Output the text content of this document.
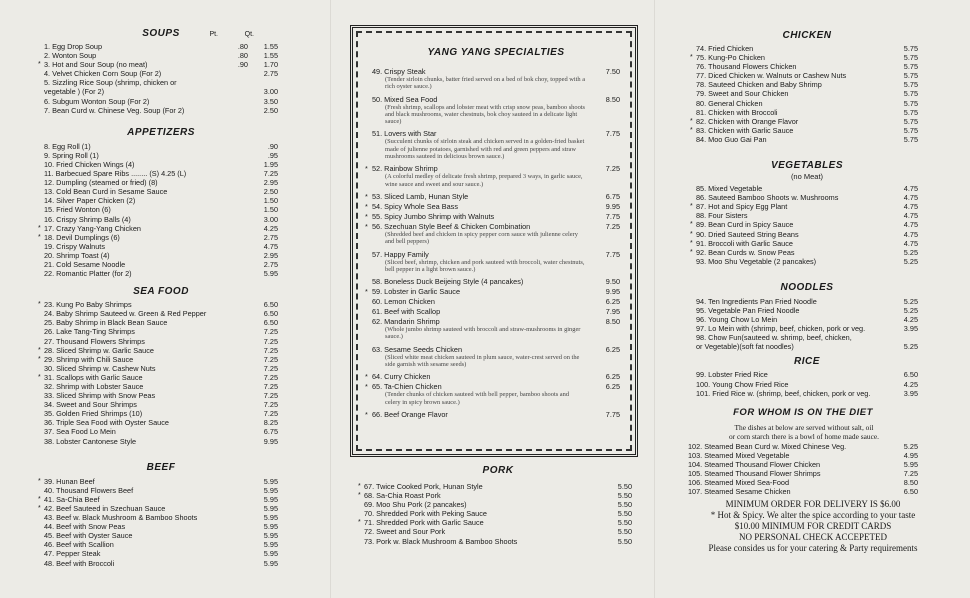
SOUPS	Pt.	Qt.
1. Egg Drop Soup	.80	1.55
2. Wonton Soup	.80	1.55
* 3. Hot and Sour Soup (no meat)	.90	1.70
4. Velvet Chicken Corn Soup (For 2)	2.75
5. Sizzling Rice Soup (shrimp, chicken or
vegetable ) (For 2)	3.00
6. Subgum Wonton Soup (For 2)	3.50
7. Bean Curd w. Chinese Veg. Soup (For 2)	2.50
APPETIZERS
8. Egg Roll (1)	.90
9. Spring Roll (1)	.95
10. Fried Chicken Wings (4)	1.95
11. Barbecued Spare Ribs ........ (S) 4.25 (L)	7.25
12. Dumpling (steamed or fried) (8)	2.95
13. Cold Bean Curd in Sesame Sauce	2.50
14. Silver Paper Chicken (2)	1.50
15. Fried Wonton (6)	1.50
16. Crispy Shrimp Balls (4)	3.00
* 17. Crazy Yang-Yang Chicken	4.25
* 18. Devil Dumplings (6)	2.75
19. Crispy Walnuts	4.75
20. Shrimp Toast (4)	2.95
21. Cold Sesame Noodle	2.75
22. Romantic Platter (for 2)	5.95
SEA FOOD
* 23. Kung Po Baby Shrimps	6.50
24. Baby Shrimp Sauteed w. Green & Red Pepper	6.50
25. Baby Shrimp in Black Bean Sauce	6.50
26. Lake Tang-Ting Shrimps	7.25
27. Thousand Flowers Shrimps	7.25
* 28. Sliced Shrimp w. Garlic Sauce	7.25
* 29. Shrimp with Chili Sauce	7.25
30. Sliced Shrimp w. Cashew Nuts	7.25
* 31. Scallops with Garlic Sauce	7.25
32. Shrimp with Lobster Sauce	7.25
33. Sliced Shrimp with Snow Peas	7.25
34. Sweet and Sour Shrimps	7.25
35. Golden Fried Shrimps (10)	7.25
36. Triple Sea Food with Oyster Sauce	8.25
37. Sea Food Lo Mein	6.75
38. Lobster Cantonese Style	9.95
BEEF
* 39. Hunan Beef	5.95
40. Thousand Flowers Beef	5.95
* 41. Sa-Chia Beef	5.95
* 42. Beef Sauteed in Szechuan Sauce	5.95
43. Beef w. Black Mushroom & Bamboo Shoots	5.95
44. Beef with Snow Peas	5.95
45. Beef with Oyster Sauce	5.95
46. Beef with Scallion	5.95
47. Pepper Steak	5.95
48. Beef with Broccoli	5.95
YANG YANG SPECIALTIES
49. Crispy Steak	7.50
(Tender sirloin chunks, batter fried served on a bed of bok choy, topped with a rich oyster sauce.)
50. Mixed Sea Food	8.50
(Fresh shrimp, scallops and lobster meat with crisp snow peas, bamboo shoots and black mushrooms, water chestnuts, bok choy sauteed in a delicate light sauce)
51. Lovers with Star	7.75
(Succulent chunks of sirloin steak and chicken served in a golden-fried basket made of julienne potatoes, garnished with red and green peppers and straw mushrooms sauteed in delicious brown sauce.)
* 52. Rainbow Shrimp	7.25
(A colorful medley of delicate fresh shrimp, prepared 3 ways, in garlic sauce, wine sauce and sweet and sour sauce.)
* 53. Sliced Lamb, Hunan Style	6.75
* 54. Spicy Whole Sea Bass	9.95
* 55. Spicy Jumbo Shrimp with Walnuts	7.75
* 56. Szechuan Style Beef & Chicken Combination	7.25
(Shredded beef and chicken in spicy pepper corn sauce with julienne celery and bell peppers)
57. Happy Family	7.75
(Sliced beef, shrimp, chicken and pork sauteed with broccoli, water chestnuts, bell pepper in a light brown sauce.)
58. Boneless Duck Beijeing Style (4 pancakes)	9.50
* 59. Lobster in Garlic Sauce	9.95
60. Lemon Chicken	6.25
61. Beef with Scallop	7.95
62. Mandarin Shrimp	8.50
(Whole jumbo shrimp sauteed with broccoli and straw-mushrooms in ginger sauce.)
63. Sesame Seeds Chicken	6.25
(Sliced white meat chicken sauteed in plum sauce, water-crest served on the side garnish with sesame seeds)
* 64. Curry Chicken	6.25
* 65. Ta-Chien Chicken	6.25
(Tender chunks of chicken sauteed with bell pepper, bamboo shoots and celery in spicy brown sauce.)
* 66. Beef Orange Flavor	7.75
PORK
* 67. Twice Cooked Pork, Hunan Style	5.50
* 68. Sa-Chia Roast Pork	5.50
69. Moo Shu Pork (2 pancakes)	5.50
70. Shredded Pork with Peking Sauce	5.50
* 71. Shredded Pork with Garlic Sauce	5.50
72. Sweet and Sour Pork	5.50
73. Pork w. Black Mushroom & Bamboo Shoots	5.50
CHICKEN
74. Fried Chicken	5.75
* 75. Kung-Po Chicken	5.75
76. Thousand Flowers Chicken	5.75
77. Diced Chicken w. Walnuts or Cashew Nuts	5.75
78. Sauteed Chicken and Baby Shrimp	5.75
79. Sweet and Sour Chicken	5.75
80. General Chicken	5.75
81. Chicken with Broccoli	5.75
* 82. Chicken with Orange Flavor	5.75
* 83. Chicken with Garlic Sauce	5.75
84. Moo Guo Gai Pan	5.75
VEGETABLES
(no Meat)
85. Mixed Vegetable	4.75
86. Sauteed Bamboo Shoots w. Mushrooms	4.75
* 87. Hot and Spicy Egg Plant	4.75
88. Four Sisters	4.75
* 89. Bean Curd in Spicy Sauce	4.75
* 90. Dried Sauteed String Beans	4.75
* 91. Broccoli with Garlic Sauce	4.75
* 92. Bean Curds w. Snow Peas	5.25
93. Moo Shu Vegetable (2 pancakes)	5.25
NOODLES
94. Ten Ingredients Pan Fried Noodle	5.25
95. Vegetable Pan Fried Noodle	5.25
96. Young Chow Lo Mein	4.25
97. Lo Mein with (shrimp, beef, chicken, pork or veg.	3.95
98. Chow Fun(sauteed w. shrimp, beef, chicken,
or Vegetable)(soft fat noodles)	5.25
RICE
99. Lobster Fried Rice	6.50
100. Young Chow Fried Rice	4.25
101. Fried Rice w. (shrimp, beef, chicken, pork or veg.	3.95
FOR WHOM IS ON THE DIET
The dishes at below are served without salt, oil
or corn starch there is a bowl of home made sauce.
102. Steamed Bean Curd w. Mixed Chinese Veg.	5.25
103. Steamed Mixed Vegetable	4.95
104. Steamed Thousand Flower Chicken	5.95
105. Steamed Thousand Flower Shrimps	7.25
106. Steamed Mixed Sea-Food	8.50
107. Steamed Sesame Chicken	6.50
MINIMUM ORDER FOR DELIVERY IS $6.00
* Hot & Spicy. We alter the spice according to your taste
$10.00 MINIMUM FOR CREDIT CARDS
NO PERSONAL CHECK ACCEPETED
Please consides us for your catering & Party requirements
